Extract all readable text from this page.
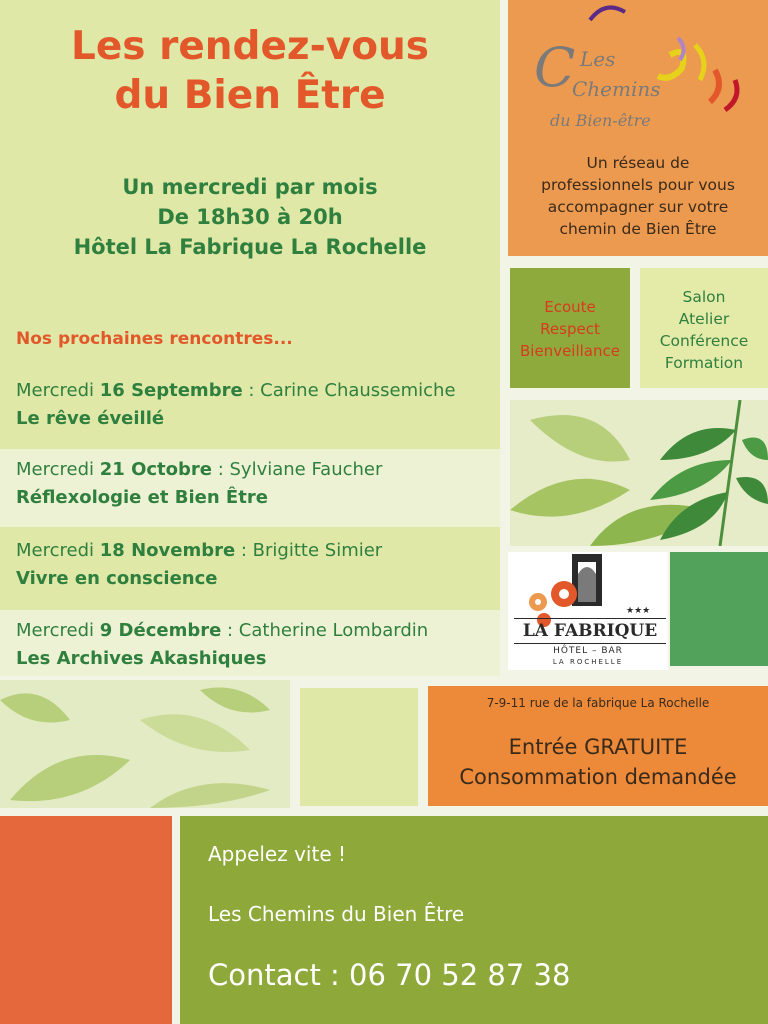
Les rendez-vous
du Bien Être
Un mercredi par mois
De 18h30 à 20h
Hôtel La Fabrique La Rochelle
Nos prochaines rencontres...
Mercredi 16 Septembre : Carine Chaussemiche
Le rêve éveillé
Mercredi 21 Octobre : Sylviane Faucher
Réflexologie et Bien Être
Mercredi 18 Novembre : Brigitte Simier
Vivre en conscience
Mercredi 9 Décembre : Catherine Lombardin
Les Archives Akashiques
C Les
Chemins
du Bien-être
Un réseau de
professionnels pour vous
accompagner sur votre
chemin de Bien Être
Ecoute
Respect
Bienveillance
Salon
Atelier
Conférence
Formation
★★★
LA FABRIQUE
HÔTEL – BAR
LA ROCHELLE
7-9-11 rue de la fabrique La Rochelle
Entrée GRATUITE
Consommation demandée
Appelez vite !
Les Chemins du Bien Être
Contact : 06 70 52 87 38
